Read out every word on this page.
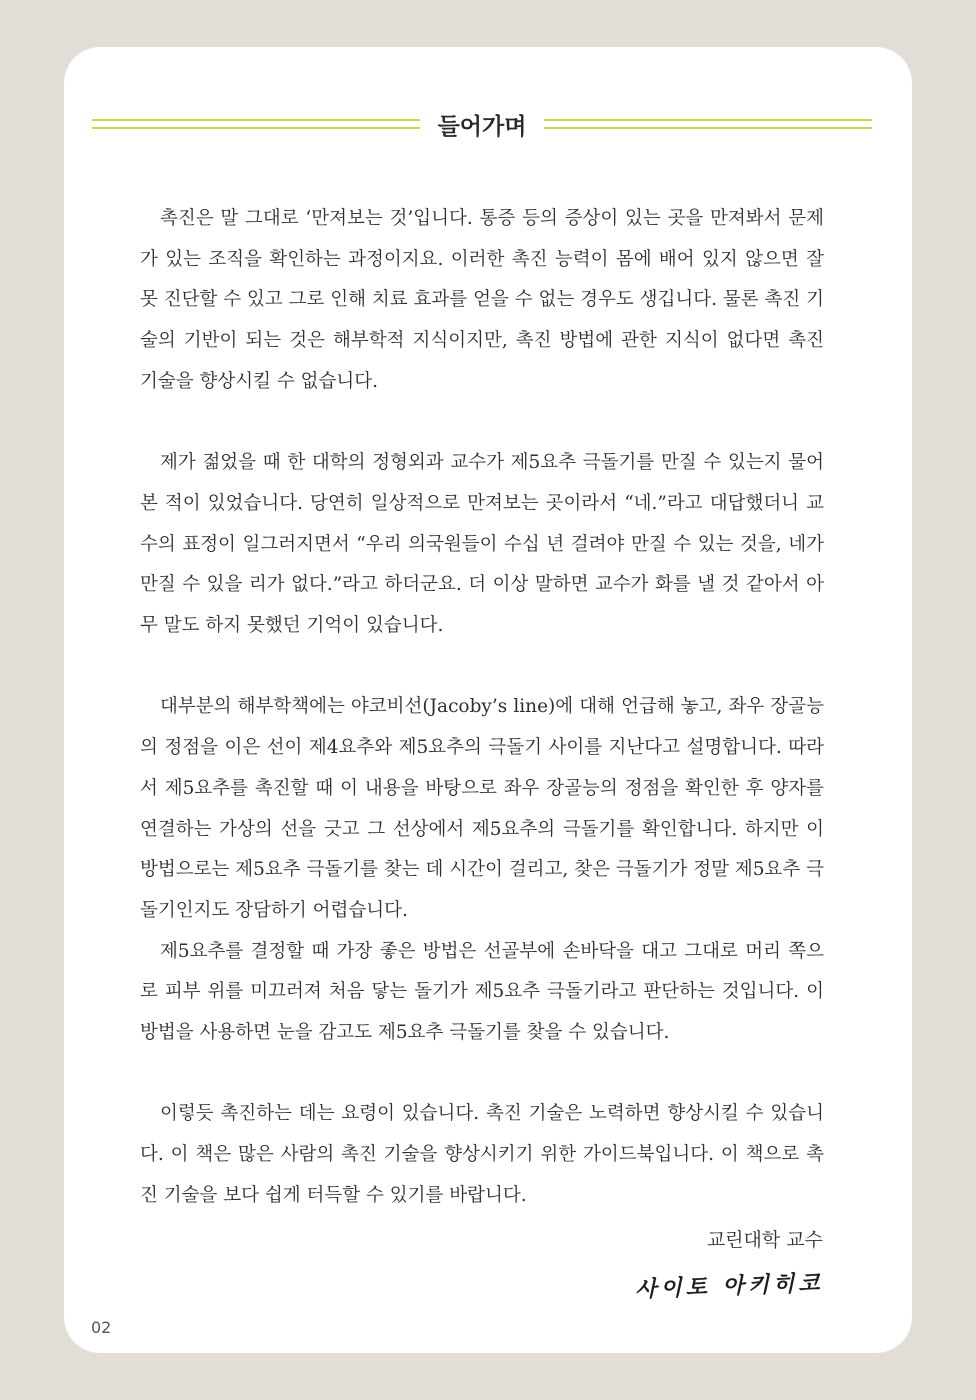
들어가며

촉진은 말 그대로 ‘만져보는 것’입니다. 통증 등의 증상이 있는 곳을 만져봐서 문제가 있는 조직을 확인하는 과정이지요. 이러한 촉진 능력이 몸에 배어 있지 않으면 잘못 진단할 수 있고 그로 인해 치료 효과를 얻을 수 없는 경우도 생깁니다. 물론 촉진 기술의 기반이 되는 것은 해부학적 지식이지만, 촉진 방법에 관한 지식이 없다면 촉진 기술을 향상시킬 수 없습니다.

제가 젊었을 때 한 대학의 정형외과 교수가 제5요추 극돌기를 만질 수 있는지 물어본 적이 있었습니다. 당연히 일상적으로 만져보는 곳이라서 “네.”라고 대답했더니 교수의 표정이 일그러지면서 “우리 의국원들이 수십 년 걸려야 만질 수 있는 것을, 네가 만질 수 있을 리가 없다.”라고 하더군요. 더 이상 말하면 교수가 화를 낼 것 같아서 아무 말도 하지 못했던 기억이 있습니다.

대부분의 해부학책에는 야코비선(Jacoby’s line)에 대해 언급해 놓고, 좌우 장골능의 정점을 이은 선이 제4요추와 제5요추의 극돌기 사이를 지난다고 설명합니다. 따라서 제5요추를 촉진할 때 이 내용을 바탕으로 좌우 장골능의 정점을 확인한 후 양자를 연결하는 가상의 선을 긋고 그 선상에서 제5요추의 극돌기를 확인합니다. 하지만 이 방법으로는 제5요추 극돌기를 찾는 데 시간이 걸리고, 찾은 극돌기가 정말 제5요추 극돌기인지도 장담하기 어렵습니다.

제5요추를 결정할 때 가장 좋은 방법은 선골부에 손바닥을 대고 그대로 머리 쪽으로 피부 위를 미끄러져 처음 닿는 돌기가 제5요추 극돌기라고 판단하는 것입니다. 이 방법을 사용하면 눈을 감고도 제5요추 극돌기를 찾을 수 있습니다.

이렇듯 촉진하는 데는 요령이 있습니다. 촉진 기술은 노력하면 향상시킬 수 있습니다. 이 책은 많은 사람의 촉진 기술을 향상시키기 위한 가이드북입니다. 이 책으로 촉진 기술을 보다 쉽게 터득할 수 있기를 바랍니다.

교린대학 교수
사이토 아키히코
02
